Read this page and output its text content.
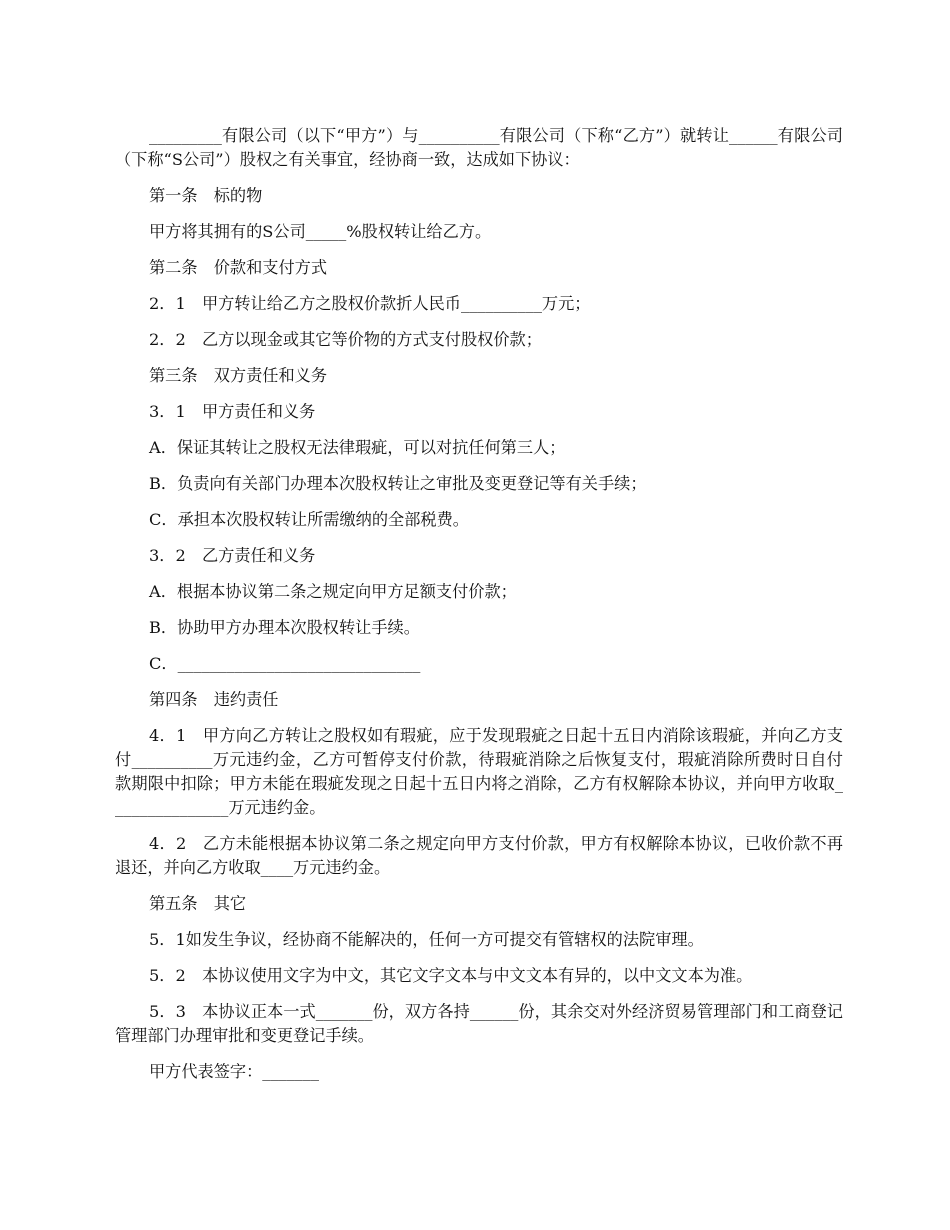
_________有限公司（以下“甲方”）与__________有限公司（下称“乙方”）就转让______有限公司（下称“S公司”）股权之有关事宜，经协商一致，达成如下协议：

第一条　标的物

甲方将其拥有的S公司_____%股权转让给乙方。

第二条　价款和支付方式

2．1　甲方转让给乙方之股权价款折人民币__________万元；

2．2　乙方以现金或其它等价物的方式支付股权价款；

第三条　双方责任和义务

3．1　甲方责任和义务

A．保证其转让之股权无法律瑕疵，可以对抗任何第三人；

B．负责向有关部门办理本次股权转让之审批及变更登记等有关手续；

C．承担本次股权转让所需缴纳的全部税费。

3．2　乙方责任和义务

A．根据本协议第二条之规定向甲方足额支付价款；

B．协助甲方办理本次股权转让手续。

C．______________________________

第四条　违约责任

4．1　甲方向乙方转让之股权如有瑕疵，应于发现瑕疵之日起十五日内消除该瑕疵，并向乙方支付__________万元违约金，乙方可暂停支付价款，待瑕疵消除之后恢复支付，瑕疵消除所费时日自付款期限中扣除；甲方未能在瑕疵发现之日起十五日内将之消除，乙方有权解除本协议，并向甲方收取_______________万元违约金。

4．2　乙方未能根据本协议第二条之规定向甲方支付价款，甲方有权解除本协议，已收价款不再退还，并向乙方收取____万元违约金。

第五条　其它

5．1如发生争议，经协商不能解决的，任何一方可提交有管辖权的法院审理。

5．2　本协议使用文字为中文，其它文字文本与中文文本有异的，以中文文本为准。

5．3　本协议正本一式_______份，双方各持______份，其余交对外经济贸易管理部门和工商登记管理部门办理审批和变更登记手续。

甲方代表签字：_______
